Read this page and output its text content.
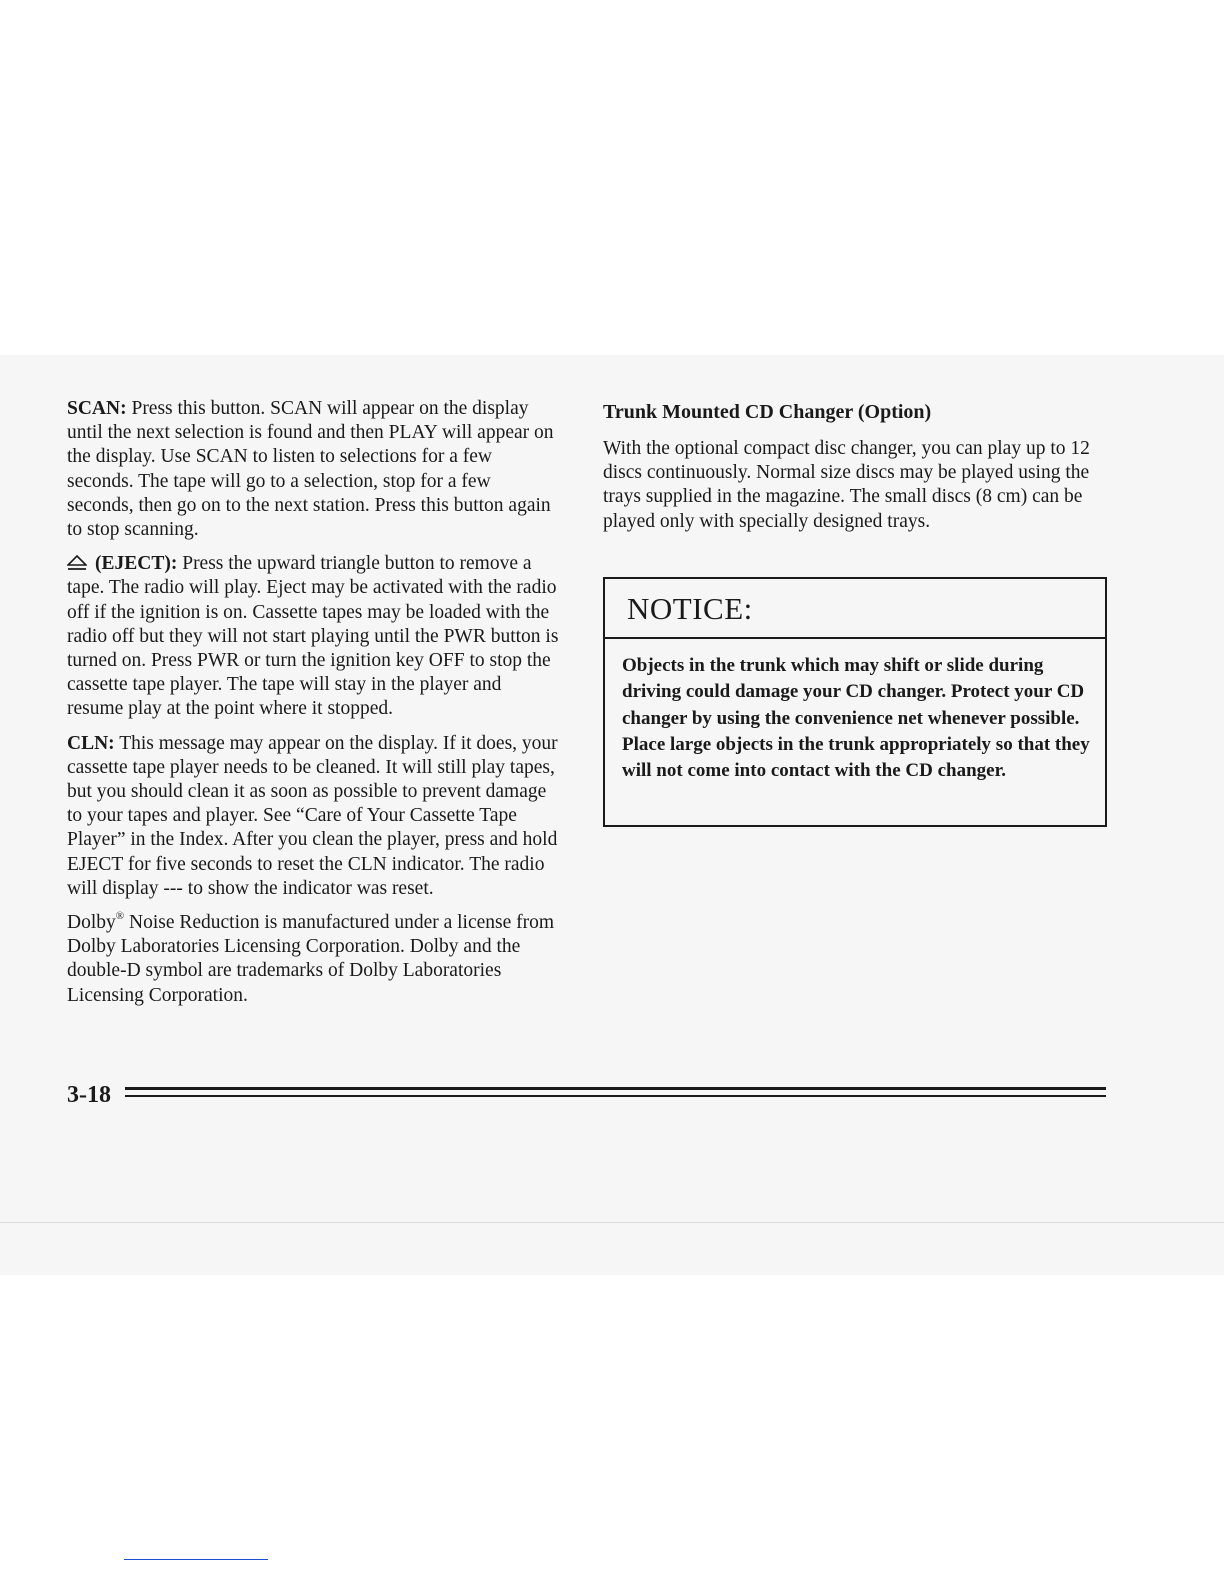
SCAN: Press this button. SCAN will appear on the display until the next selection is found and then PLAY will appear on the display. Use SCAN to listen to selections for a few seconds. The tape will go to a selection, stop for a few seconds, then go on to the next station. Press this button again to stop scanning.

(EJECT): Press the upward triangle button to remove a tape. The radio will play. Eject may be activated with the radio off if the ignition is on. Cassette tapes may be loaded with the radio off but they will not start playing until the PWR button is turned on. Press PWR or turn the ignition key OFF to stop the cassette tape player. The tape will stay in the player and resume play at the point where it stopped.

CLN: This message may appear on the display. If it does, your cassette tape player needs to be cleaned. It will still play tapes, but you should clean it as soon as possible to prevent damage to your tapes and player. See “Care of Your Cassette Tape Player” in the Index. After you clean the player, press and hold EJECT for five seconds to reset the CLN indicator. The radio will display --- to show the indicator was reset.

Dolby® Noise Reduction is manufactured under a license from Dolby Laboratories Licensing Corporation. Dolby and the double-D symbol are trademarks of Dolby Laboratories Licensing Corporation.

Trunk Mounted CD Changer (Option)

With the optional compact disc changer, you can play up to 12 discs continuously. Normal size discs may be played using the trays supplied in the magazine. The small discs (8 cm) can be played only with specially designed trays.

NOTICE:
Objects in the trunk which may shift or slide during driving could damage your CD changer. Protect your CD changer by using the convenience net whenever possible. Place large objects in the trunk appropriately so that they will not come into contact with the CD changer.
3-18
